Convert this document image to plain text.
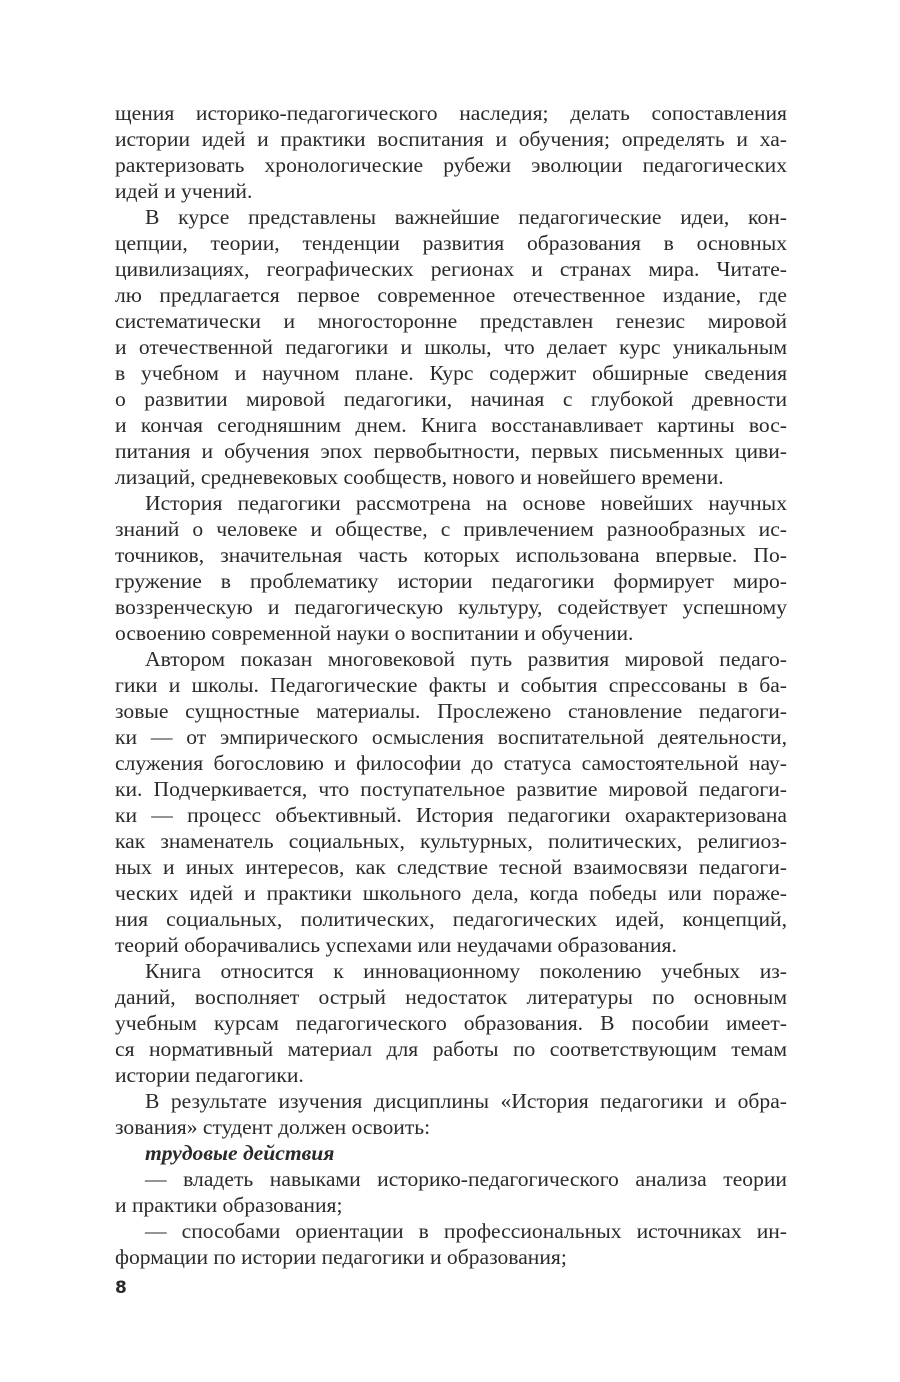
щения историко-педагогического наследия; делать сопоставления
истории идей и практики воспитания и обучения; определять и ха-
рактеризовать хронологические рубежи эволюции педагогических
идей и учений.
В курсе представлены важнейшие педагогические идеи, кон-
цепции, теории, тенденции развития образования в основных
цивилизациях, географических регионах и странах мира. Читате-
лю предлагается первое современное отечественное издание, где
систематически и многосторонне представлен генезис мировой
и отечественной педагогики и школы, что делает курс уникальным
в учебном и научном плане. Курс содержит обширные сведения
о развитии мировой педагогики, начиная с глубокой древности
и кончая сегодняшним днем. Книга восстанавливает картины вос-
питания и обучения эпох первобытности, первых письменных циви-
лизаций, средневековых сообществ, нового и новейшего времени.
История педагогики рассмотрена на основе новейших научных
знаний о человеке и обществе, с привлечением разнообразных ис-
точников, значительная часть которых использована впервые. По-
гружение в проблематику истории педагогики формирует миро-
воззренческую и педагогическую культуру, содействует успешному
освоению современной науки о воспитании и обучении.
Автором показан многовековой путь развития мировой педаго-
гики и школы. Педагогические факты и события спрессованы в ба-
зовые сущностные материалы. Прослежено становление педагоги-
ки — от эмпирического осмысления воспитательной деятельности,
служения богословию и философии до статуса самостоятельной нау-
ки. Подчеркивается, что поступательное развитие мировой педагоги-
ки — процесс объективный. История педагогики охарактеризована
как знаменатель социальных, культурных, политических, религиоз-
ных и иных интересов, как следствие тесной взаимосвязи педагоги-
ческих идей и практики школьного дела, когда победы или пораже-
ния социальных, политических, педагогических идей, концепций,
теорий оборачивались успехами или неудачами образования.
Книга относится к инновационному поколению учебных из-
даний, восполняет острый недостаток литературы по основным
учебным курсам педагогического образования. В пособии имеет-
ся нормативный материал для работы по соответствующим темам
истории педагогики.
В результате изучения дисциплины «История педагогики и обра-
зования» студент должен освоить:
трудовые действия
— владеть навыками историко-педагогического анализа теории
и практики образования;
— способами ориентации в профессиональных источниках ин-
формации по истории педагогики и образования;
8
